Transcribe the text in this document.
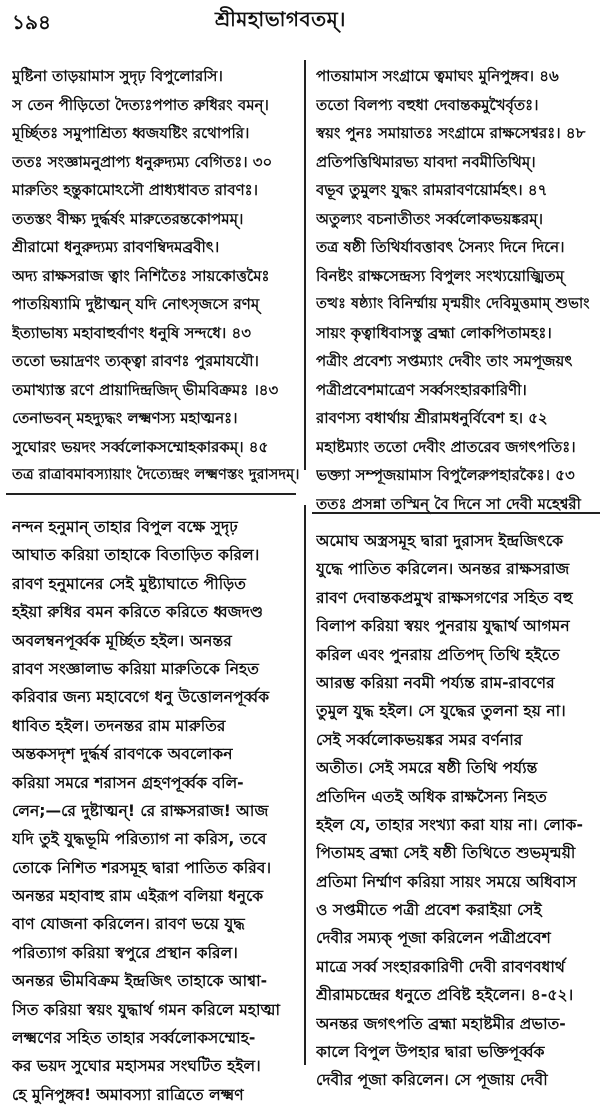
১৯৪	শ্রীমহাভাগবতম্‌।
মুষ্টিনা তাড়য়ামাস সুদৃঢ় বিপুলোরসি।
স তেন পীড়িতো দৈত্যঃপপাত রুধিরং বমন্‌।
মূর্চ্ছিতঃ সমুপাশ্রিত্য ধ্বজযষ্টিং রথোপরি।
ততঃ সংজ্ঞামনুপ্রাপ্য ধনুরুদ্যম্য বেগিতঃ। ৩০
মারুতিং হন্তুকামোঽসৌ প্রাধ্যধাবত রাবণঃ।
ততস্তং বীক্ষ্য দুর্দ্ধর্ষং মারুতেরন্তকোপমম্‌।
শ্রীরামো ধনুরুদ্যম্য রাবণম্বিদমব্রবীৎ।
অদ্য রাক্ষসরাজ ত্বাং নিশিতৈঃ সায়কোত্তমৈঃ
পাতয়িষ্যামি দুষ্টাত্মন্‌ যদি নোৎসৃজসে রণম্‌
ইত্যাভাষ্য মহাবাহুর্বাণং ধনুষি সন্দধে। ৪৩
ততো ভয়াদ্রণং ত্যক্ত্বা রাবণঃ পুরমাযযৌ।
তমাখ্যাস্ত রণে প্রায়াদিন্দ্রজিদ্‌ ভীমবিক্রমঃ ।৪৩
তেনাভবন্‌ মহদ্যুদ্ধং লক্ষ্মণস্য মহাত্মনঃ।
সুঘোরং ভয়দং সর্ব্বলোকসম্মোহকারকম্‌। ৪৫
তত্র রাত্রাবমাবস্যায়াং দৈত্যেন্দ্রং লক্ষ্মণস্তং দুরাসদম্‌।
পাতয়ামাস সংগ্রামে ত্বমাঘং মুনিপুঙ্গব। ৪৬
ততো বিলপ্য বহুধা দেবান্তকমুখৈর্বৃতঃ।
স্বয়ং পুনঃ সমায়াতঃ সংগ্রামে রাক্ষসেশ্বরঃ। ৪৮
প্রতিপত্তিথিমারভ্য যাবদা নবমীতিথিম্‌।
বভূব তুমুলং যুদ্ধং রামরাবণয়োর্মহৎ। ৪৭
অতুল্যং বচনাতীতং সর্ব্বলোকভয়ঙ্করম্‌।
তত্র ষষ্ঠী তিথির্যাবত্তাবৎ সৈন্যং দিনে দিনে।
বিনষ্টং রাক্ষসেন্দ্রস্য বিপুলং সংখ্যয়োজ্ঝিতম্‌
তত্থঃ ষষ্ঠ্যাং বিনির্ম্মায় মৃন্ময়ীং দেবিমুত্তমাম্‌ শুভাং
সায়ং কৃত্বাধিবাসস্তু ব্রহ্মা লোকপিতামহঃ।
পত্রীং প্রবেশ্য সপ্তম্যাং দেবীং তাং সমপূজয়ৎ
পত্রীপ্রবেশমাত্রেণ সর্ব্বসংহারকারিণী।
রাবণস্য বধার্থায় শ্রীরামধনুর্বিবেশ হ। ৫২
মহাষ্টম্যাং ততো দেবীং প্রাতরেব জগৎপতিঃ।
ভক্ত্যা সম্পূজয়ামাস বিপুলৈরুপহারকৈঃ। ৫৩
ততঃ প্রসন্না তস্মিন্‌ বৈ দিনে সা দেবী মহেশ্বরী
নন্দন হনুমান্‌ তাহার বিপুল বক্ষে সুদৃঢ়
আঘাত করিয়া তাহাকে বিতাড়িত করিল।
রাবণ হনুমানের সেই মুষ্ট্যাঘাতে পীড়িত
হইয়া রুধির বমন করিতে করিতে ধ্বজদণ্ড
অবলম্বনপূর্ব্বক মূর্চ্ছিত হইল। অনন্তর
রাবণ সংজ্ঞালাভ করিয়া মারুতিকে নিহত
করিবার জন্য মহাবেগে ধনু উত্তোলনপূর্ব্বক
ধাবিত হইল। তদনন্তর রাম মারুতির
অন্তকসদৃশ দুর্দ্ধর্ষ রাবণকে অবলোকন
করিয়া সমরে শরাসন গ্রহণপূর্ব্বক বলি-
লেন;—রে দুষ্টাত্মন্‌! রে রাক্ষসরাজ! আজ
যদি তুই যুদ্ধভূমি পরিত্যাগ না করিস, তবে
তোকে নিশিত শরসমূহ দ্বারা পাতিত করিব।
অনন্তর মহাবাহু রাম এইরূপ বলিয়া ধনুকে
বাণ যোজনা করিলেন। রাবণ ভয়ে যুদ্ধ
পরিত্যাগ করিয়া স্বপুরে প্রস্থান করিল।
অনন্তর ভীমবিক্রম ইন্দ্রজিৎ তাহাকে আশ্বা-
সিত করিয়া স্বয়ং যুদ্ধার্থ গমন করিলে মহাত্মা
লক্ষ্মণের সহিত তাহার সর্ব্বলোকসম্মোহ-
কর ভয়দ সুঘোর মহাসমর সংঘটিত হইল।
হে মুনিপুঙ্গব! অমাবস্যা রাত্রিতে লক্ষ্মণ
অমোঘ অস্ত্রসমূহ দ্বারা দুরাসদ ইন্দ্রজিৎকে
যুদ্ধে পাতিত করিলেন। অনন্তর রাক্ষসরাজ
রাবণ দেবান্তকপ্রমুখ রাক্ষসগণের সহিত বহু
বিলাপ করিয়া স্বয়ং পুনরায় যুদ্ধার্থ আগমন
করিল এবং পুনরায় প্রতিপদ্‌ তিথি হইতে
আরম্ভ করিয়া নবমী পর্য্যন্ত রাম-রাবণের
তুমুল যুদ্ধ হইল। সে যুদ্ধের তুলনা হয় না।
সেই সর্ব্বলোকভয়ঙ্কর সমর বর্ণনার
অতীত। সেই সমরে ষষ্ঠী তিথি পর্য্যন্ত
প্রতিদিন এতই অধিক রাক্ষসৈন্য নিহত
হইল যে, তাহার সংখ্যা করা যায় না। লোক-
পিতামহ ব্রহ্মা সেই ষষ্ঠী তিথিতে শুভমৃন্ময়ী
প্রতিমা নির্ম্মাণ করিয়া সায়ং সময়ে অধিবাস
ও সপ্তমীতে পত্রী প্রবেশ করাইয়া সেই
দেবীর সম্যক্‌ পূজা করিলেন পত্রীপ্রবেশ
মাত্রে সর্ব্ব সংহারকারিণী দেবী রাবণবধার্থ
শ্রীরামচন্দ্রের ধনুতে প্রবিষ্ট হইলেন। ৪-৫২।
অনন্তর জগৎপতি ব্রহ্মা মহাষ্টমীর প্রভাত-
কালে বিপুল উপহার দ্বারা ভক্তিপূর্ব্বক
দেবীর পূজা করিলেন। সে পূজায় দেবী
